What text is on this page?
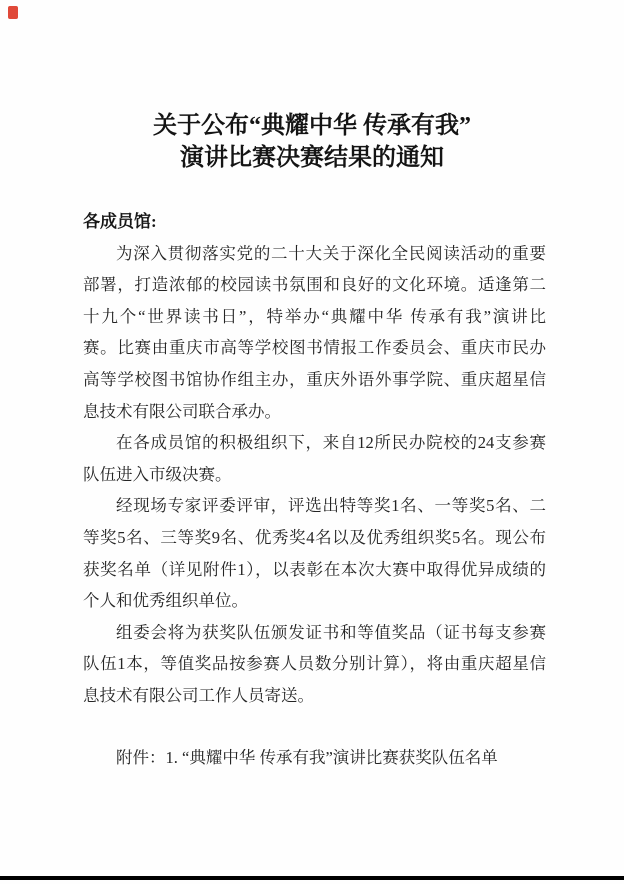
关于公布“典耀中华 传承有我”
演讲比赛决赛结果的通知
各成员馆:
为深入贯彻落实党的二十大关于深化全民阅读活动的重要
部署，打造浓郁的校园读书氛围和良好的文化环境。适逢第二
十九个“世界读书日”，特举办“典耀中华 传承有我”演讲比
赛。比赛由重庆市高等学校图书情报工作委员会、重庆市民办
高等学校图书馆协作组主办，重庆外语外事学院、重庆超星信
息技术有限公司联合承办。
在各成员馆的积极组织下，来自12所民办院校的24支参赛
队伍进入市级决赛。
经现场专家评委评审，评选出特等奖1名、一等奖5名、二
等奖5名、三等奖9名、优秀奖4名以及优秀组织奖5名。现公布
获奖名单（详见附件1），以表彰在本次大赛中取得优异成绩的
个人和优秀组织单位。
组委会将为获奖队伍颁发证书和等值奖品（证书每支参赛
队伍1本，等值奖品按参赛人员数分别计算），将由重庆超星信
息技术有限公司工作人员寄送。
附件：1. “典耀中华 传承有我”演讲比赛获奖队伍名单
